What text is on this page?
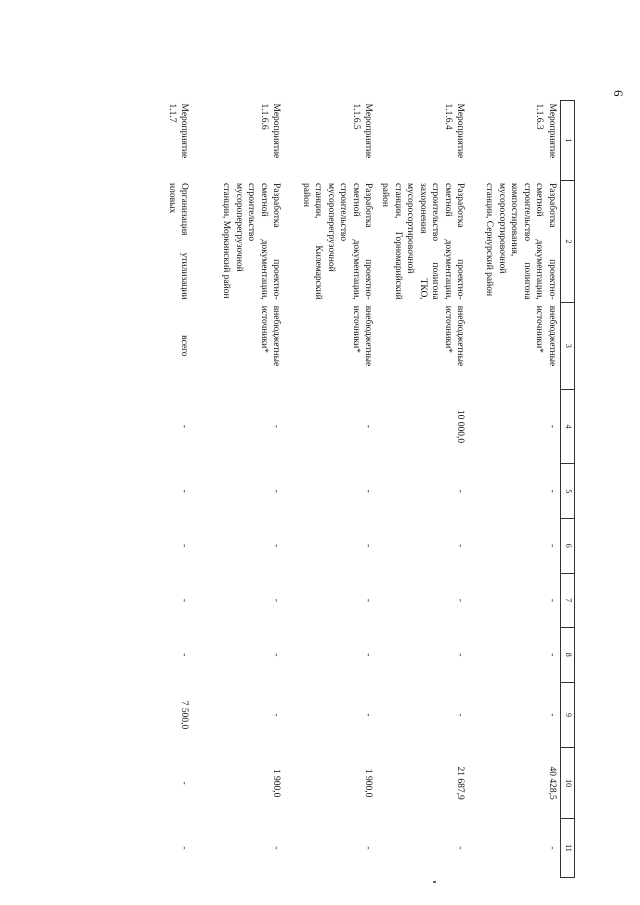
6
1	2	3	4	5	6	7	8	9	10	11
Мероприятие 1.1.6.3	Разработка проектно-сметной документации, строительство полигона компостирования, мусоросортировочной станции, Сернурский район	внебюджетные источники*	-	-	-	-	-	-	40 428,5	-
Мероприятие 1.1.6.4	Разработка проектно-сметной документации, строительство полигона захоронения ТКО, мусоросортировочной станции, Горномарийский район	внебюджетные источники*	10 000,0	-	-	-	-	-	21 687,9	-
Мероприятие 1.1.6.5	Разработка проектно-сметной документации, строительство мусороперегрузочной станции, Килемарский район	внебюджетные источники*	-	-	-	-	-	-	1 900,0	-
Мероприятие 1.1.6.6	Разработка проектно-сметной документации, строительство мусороперегрузочной станции, Моркинский район	внебюджетные источники*	-	-	-	-	-	-	1 900,0	-
Мероприятие 1.1.7	Организация утилизации иловых	всего	-	-	-	-	-	7 500,0	-	-
